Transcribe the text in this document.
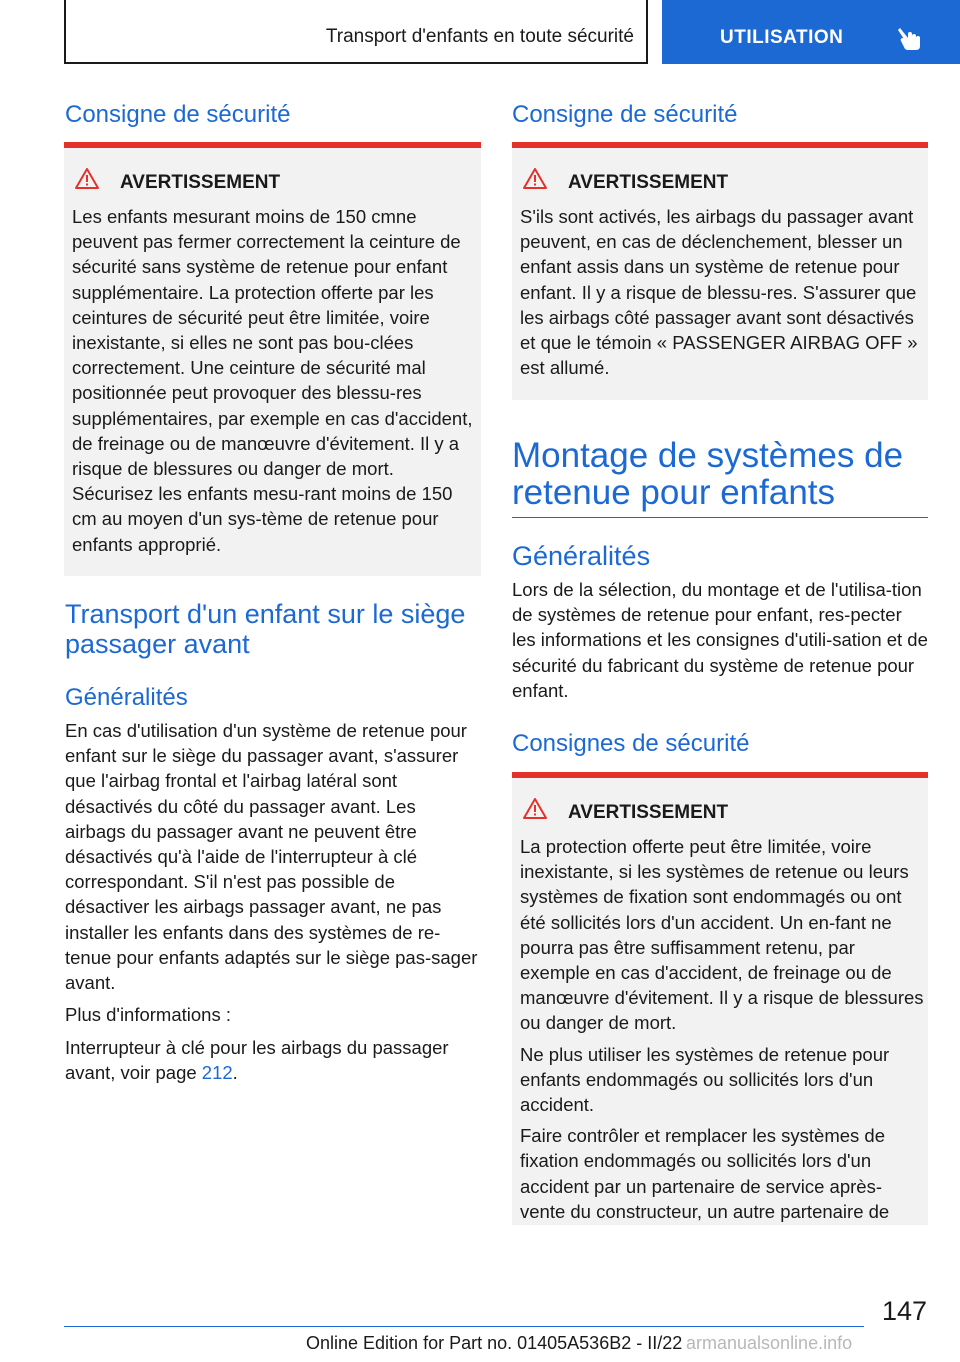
Transport d'enfants en toute sécurité	UTILISATION
Consigne de sécurité
AVERTISSEMENT
Les enfants mesurant moins de 150 cmne peuvent pas fermer correctement la ceinture de sécurité sans système de retenue pour enfant supplémentaire. La protection offerte par les ceintures de sécurité peut être limitée, voire inexistante, si elles ne sont pas bou-clées correctement. Une ceinture de sécurité mal positionnée peut provoquer des blessu-res supplémentaires, par exemple en cas d'accident, de freinage ou de manœuvre d'évitement. Il y a risque de blessures ou danger de mort. Sécurisez les enfants mesu-rant moins de 150 cm au moyen d'un sys-tème de retenue pour enfants approprié.
Transport d'un enfant sur le siège passager avant
Généralités

En cas d'utilisation d'un système de retenue pour enfant sur le siège du passager avant, s'assurer que l'airbag frontal et l'airbag latéral sont désactivés du côté du passager avant. Les airbags du passager avant ne peuvent être désactivés qu'à l'aide de l'interrupteur à clé correspondant. S'il n'est pas possible de désactiver les airbags passager avant, ne pas installer les enfants dans des systèmes de re-tenue pour enfants adaptés sur le siège pas-sager avant.

Plus d'informations :

Interrupteur à clé pour les airbags du passager avant, voir page 212.

Consigne de sécurité
AVERTISSEMENT
S'ils sont activés, les airbags du passager avant peuvent, en cas de déclenchement, blesser un enfant assis dans un système de retenue pour enfant. Il y a risque de blessu-res. S'assurer que les airbags côté passager avant sont désactivés et que le témoin « PASSENGER AIRBAG OFF » est allumé.
Montage de systèmes de retenue pour enfants
Généralités

Lors de la sélection, du montage et de l'utilisa-tion de systèmes de retenue pour enfant, res-pecter les informations et les consignes d'utili-sation et de sécurité du fabricant du système de retenue pour enfant.

Consignes de sécurité
AVERTISSEMENT

La protection offerte peut être limitée, voire inexistante, si les systèmes de retenue ou leurs systèmes de fixation sont endommagés ou ont été sollicités lors d'un accident. Un en-fant ne pourra pas être suffisamment retenu, par exemple en cas d'accident, de freinage ou de manœuvre d'évitement. Il y a risque de blessures ou danger de mort.

Ne plus utiliser les systèmes de retenue pour enfants endommagés ou sollicités lors d'un accident.

Faire contrôler et remplacer les systèmes de fixation endommagés ou sollicités lors d'un accident par un partenaire de service après-vente du constructeur, un autre partenaire de

147
Online Edition for Part no. 01405A536B2 - II/22 armanualsonline.info
